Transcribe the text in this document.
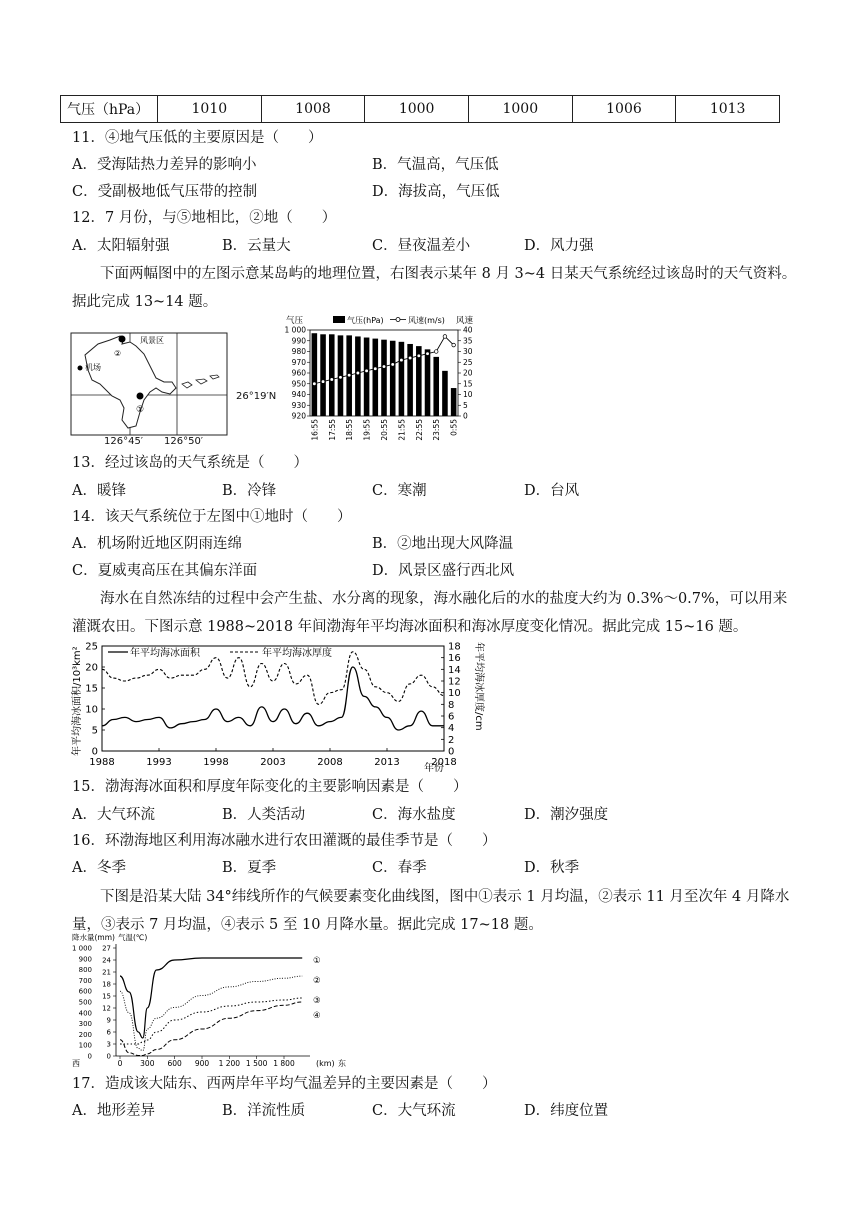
气压（hPa）	1010	1008	1000	1000	1006	1013
11．④地气压低的主要原因是（　　）
A．受海陆热力差异的影响小	B．气温高，气压低
C．受副极地低气压带的控制	D．海拔高，气压低
12．7 月份，与⑤地相比，②地（　　）
A．太阳辐射强	B．云量大	C．昼夜温差小	D．风力强
下面两幅图中的左图示意某岛屿的地理位置，右图表示某年 8 月 3~4 日某天气系统经过该岛时的天气资料。据此完成 13~14 题。
风景区
机场
②
①
26°19′N
126°45′ 126°50′
气压	风速
气压(hPa)	风速(m/s)
1 000
990
980
970
960
950
940
930
920
40
35
30
25
20
15
10
5
0
16:55 17:55 18:55 19:55 20:55 21:55 22:55 23:55 0:55
13．经过该岛的天气系统是（　　）
A．暖锋	B．冷锋	C．寒潮	D．台风
14．该天气系统位于左图中①地时（　　）
A．机场附近地区阴雨连绵	B．②地出现大风降温
C．夏威夷高压在其偏东洋面	D．风景区盛行西北风
海水在自然冻结的过程中会产生盐、水分离的现象，海水融化后的水的盐度大约为 0.3%～0.7%，可以用来灌溉农田。下图示意 1988~2018 年间渤海年平均海冰面积和海冰厚度变化情况。据此完成 15~16 题。
年平均海冰面积/10³km²	年平均海冰厚度/cm
年平均海冰面积	年平均海冰厚度
0
5
10
15
20
25
0
2
4
6
8
10
12
14
16
18
1988	1993	1998	2003	2008	2013	2018
年份
15．渤海海冰面积和厚度年际变化的主要影响因素是（　　）
A．大气环流	B．人类活动	C．海水盐度	D．潮汐强度
16．环渤海地区利用海冰融水进行农田灌溉的最佳季节是（　　）
A．冬季	B．夏季	C．春季	D．秋季
下图是沿某大陆 34°纬线所作的气候要素变化曲线图，图中①表示 1 月均温，②表示 11 月至次年 4 月降水量，③表示 7 月均温，④表示 5 至 10 月降水量。据此完成 17~18 题。
降水量(mm) 气温(℃)
1 000
900
800
700
600
500
400
300
200
100
0
27
24
21
18
15
12
9
6
3
0
0 300 600 900 1 200 1 500 1 800
①
②
③
④
西	(km) 东
17．造成该大陆东、西两岸年平均气温差异的主要因素是（　　）
A．地形差异	B．洋流性质	C．大气环流	D．纬度位置
